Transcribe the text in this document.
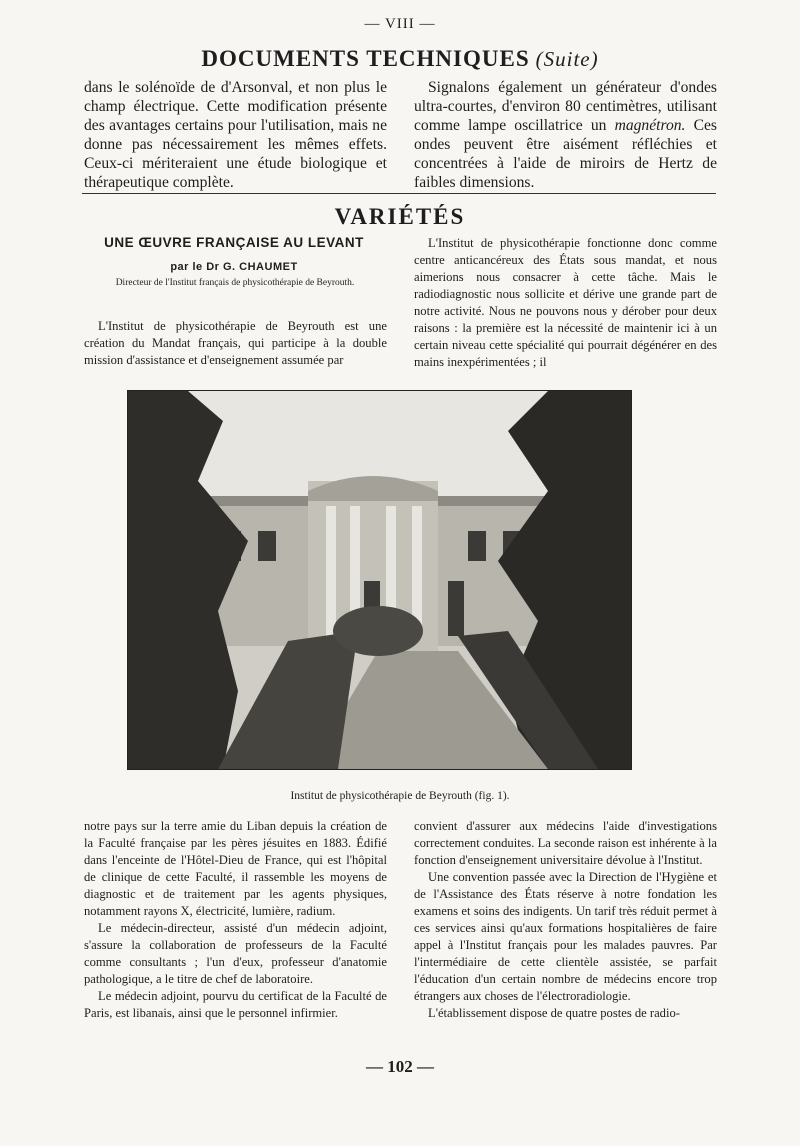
— VIII —
DOCUMENTS TECHNIQUES (Suite)

dans le solénoïde de d'Arsonval, et non plus le champ électrique. Cette modification présente des avantages certains pour l'utilisation, mais ne donne pas nécessairement les mêmes effets. Ceux-ci mériteraient une étude biologique et thérapeutique complète.

Signalons également un générateur d'ondes ultra-courtes, d'environ 80 centimètres, utilisant comme lampe oscillatrice un magnétron. Ces ondes peuvent être aisément réfléchies et concentrées à l'aide de miroirs de Hertz de faibles dimensions.

VARIÉTÉS
UNE ŒUVRE FRANÇAISE AU LEVANT
par le Dr G. CHAUMET
Directeur de l'Institut français de physicothérapie de Beyrouth.

L'Institut de physicothérapie de Beyrouth est une création du Mandat français, qui participe à la double mission d'assistance et d'enseignement assumée par

L'Institut de physicothérapie fonctionne donc comme centre anticancéreux des États sous mandat, et nous aimerions nous consacrer à cette tâche. Mais le radiodiagnostic nous sollicite et dérive une grande part de notre activité. Nous ne pouvons nous y dérober pour deux raisons : la première est la nécessité de maintenir ici à un certain niveau cette spécialité qui pourrait dégénérer en des mains inexpérimentées ; il

Institut de physicothérapie de Beyrouth (fig. 1).

notre pays sur la terre amie du Liban depuis la création de la Faculté française par les pères jésuites en 1883. Édifié dans l'enceinte de l'Hôtel-Dieu de France, qui est l'hôpital de clinique de cette Faculté, il rassemble les moyens de diagnostic et de traitement par les agents physiques, notamment rayons X, électricité, lumière, radium.

Le médecin-directeur, assisté d'un médecin adjoint, s'assure la collaboration de professeurs de la Faculté comme consultants ; l'un d'eux, professeur d'anatomie pathologique, a le titre de chef de laboratoire.

Le médecin adjoint, pourvu du certificat de la Faculté de Paris, est libanais, ainsi que le personnel infirmier.

convient d'assurer aux médecins l'aide d'investigations correctement conduites. La seconde raison est inhérente à la fonction d'enseignement universitaire dévolue à l'Institut.

Une convention passée avec la Direction de l'Hygiène et de l'Assistance des États réserve à notre fondation les examens et soins des indigents. Un tarif très réduit permet à ces services ainsi qu'aux formations hospitalières de faire appel à l'Institut français pour les malades pauvres. Par l'intermédiaire de cette clientèle assistée, se parfait l'éducation d'un certain nombre de médecins encore trop étrangers aux choses de l'électroradiologie.

L'établissement dispose de quatre postes de radio-

— 102 —
